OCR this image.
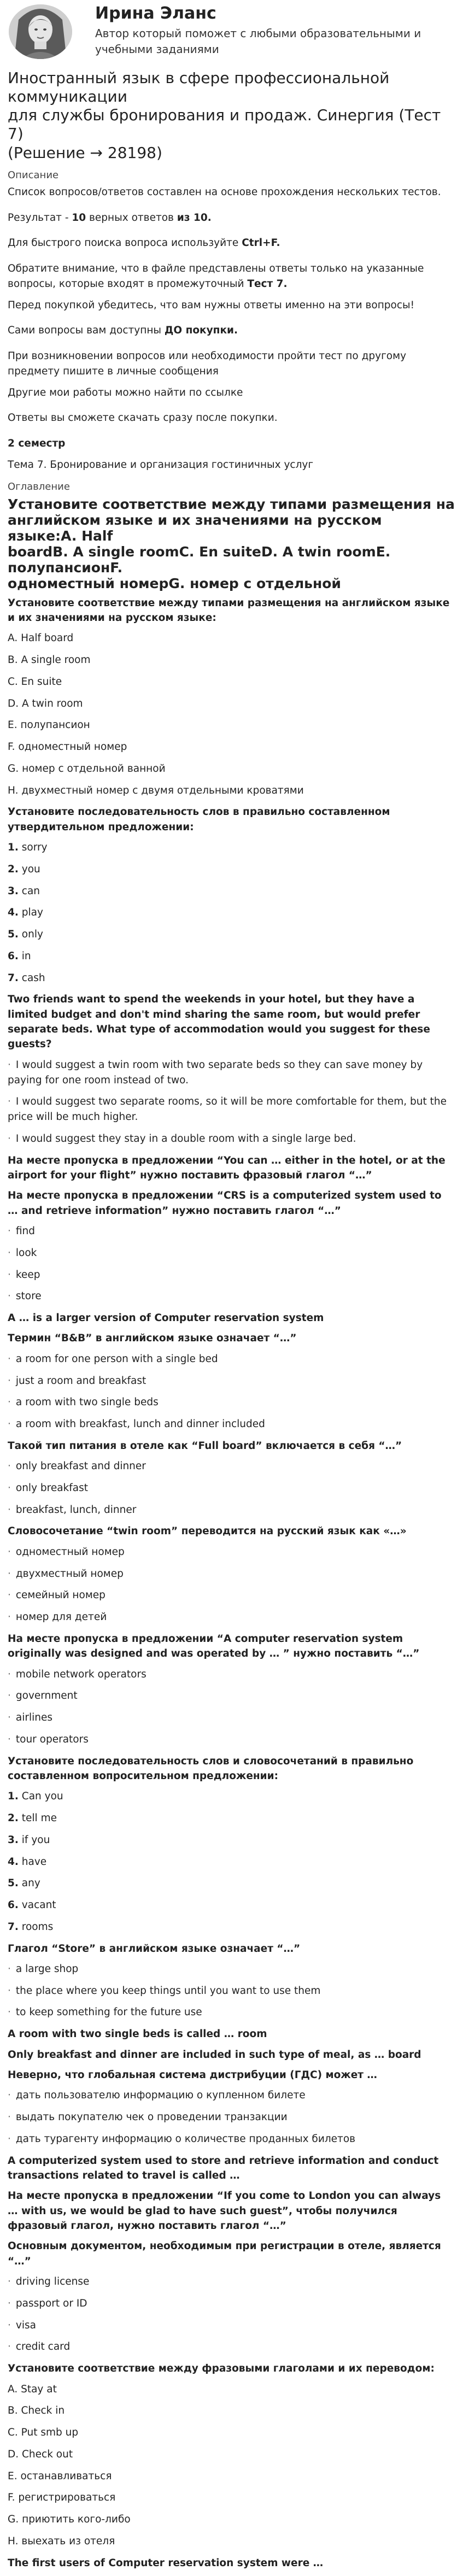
Ирина Эланс
Автор который поможет с любыми образовательными и
учебными заданиями
Иностранный язык в сфере профессиональной коммуникации
для службы бронирования и продаж. Синергия (Тест 7)
(Решение → 28198)
Описание

Список вопросов/ответов составлен на основе прохождения нескольких тестов.

Результат - 10 верных ответов из 10.

Для быстрого поиска вопроса используйте Ctrl+F.

Обратите внимание, что в файле представлены ответы только на указанные
вопросы, которые входят в промежуточный Тест 7.

Перед покупкой убедитесь, что вам нужны ответы именно на эти вопросы!

Сами вопросы вам доступны ДО покупки.

При возникновении вопросов или необходимости пройти тест по другому
предмету пишите в личные сообщения

Другие мои работы можно найти по ссылке

Ответы вы сможете скачать сразу после покупки.

2 семестр

Тема 7. Бронирование и организация гостиничных услуг
Оглавление
Установите соответствие между типами размещения на
английском языке и их значениями на русском языке:A. Half
boardB. A single roomC. En suiteD. A twin roomE. полупансионF.
одноместный номерG. номер с отдельной
Установите соответствие между типами размещения на английском языке
и их значениями на русском языке:
A. Half board
B. A single room
C. En suite
D. A twin room
E. полупансион
F. одноместный номер
G. номер с отдельной ванной
H. двухместный номер с двумя отдельными кроватями
Установите последовательность слов в правильно составленном
утвердительном предложении:
1. sorry
2. you
3. can
4. play
5. only
6. in
7. cash
Two friends want to spend the weekends in your hotel, but they have a
limited budget and don't mind sharing the same room, but would prefer
separate beds. What type of accommodation would you suggest for these
guests?
· I would suggest a twin room with two separate beds so they can save money by
paying for one room instead of two.
· I would suggest two separate rooms, so it will be more comfortable for them, but the
price will be much higher.
· I would suggest they stay in a double room with a single large bed.
На месте пропуска в предложении “You can … either in the hotel, or at the
airport for your flight” нужно поставить фразовый глагол “…”
На месте пропуска в предложении “CRS is a computerized system used to
… and retrieve information” нужно поставить глагол “…”
· find
· look
· keep
· store
A … is a larger version of Computer reservation system
Термин “B&B” в английском языке означает “…”
· a room for one person with a single bed
· just a room and breakfast
· a room with two single beds
· a room with breakfast, lunch and dinner included
Такой тип питания в отеле как “Full board” включается в себя “…”
· only breakfast and dinner
· only breakfast
· breakfast, lunch, dinner
Словосочетание “twin room” переводится на русский язык как «…»
· одноместный номер
· двухместный номер
· семейный номер
· номер для детей
На месте пропуска в предложении “A computer reservation system
originally was designed and was operated by … ” нужно поставить “…”
· mobile network operators
· government
· airlines
· tour operators
Установите последовательность слов и словосочетаний в правильно
составленном вопросительном предложении:
1. Can you
2. tell me
3. if you
4. have
5. any
6. vacant
7. rooms
Глагол “Store” в английском языке означает “…”
· a large shop
· the place where you keep things until you want to use them
· to keep something for the future use
A room with two single beds is called … room
Only breakfast and dinner are included in such type of meal, as … board
Неверно, что глобальная система дистрибуции (ГДС) может …
· дать пользователю информацию о купленном билете
· выдать покупателю чек о проведении транзакции
· дать турагенту информацию о количестве проданных билетов
A computerized system used to store and retrieve information and conduct
transactions related to travel is called …
На месте пропуска в предложении “If you come to London you can always
… with us, we would be glad to have such guest”, чтобы получился
фразовый глагол, нужно поставить глагол “…”
Основным документом, необходимым при регистрации в отеле, является
“…”
· driving license
· passport or ID
· visa
· credit card
Установите соответствие между фразовыми глаголами и их переводом:
A. Stay at
B. Check in
C. Put smb up
D. Check out
E. останавливаться
F. регистрироваться
G. приютить кого-либо
H. выехать из отеля
The first users of Computer reservation system were …
